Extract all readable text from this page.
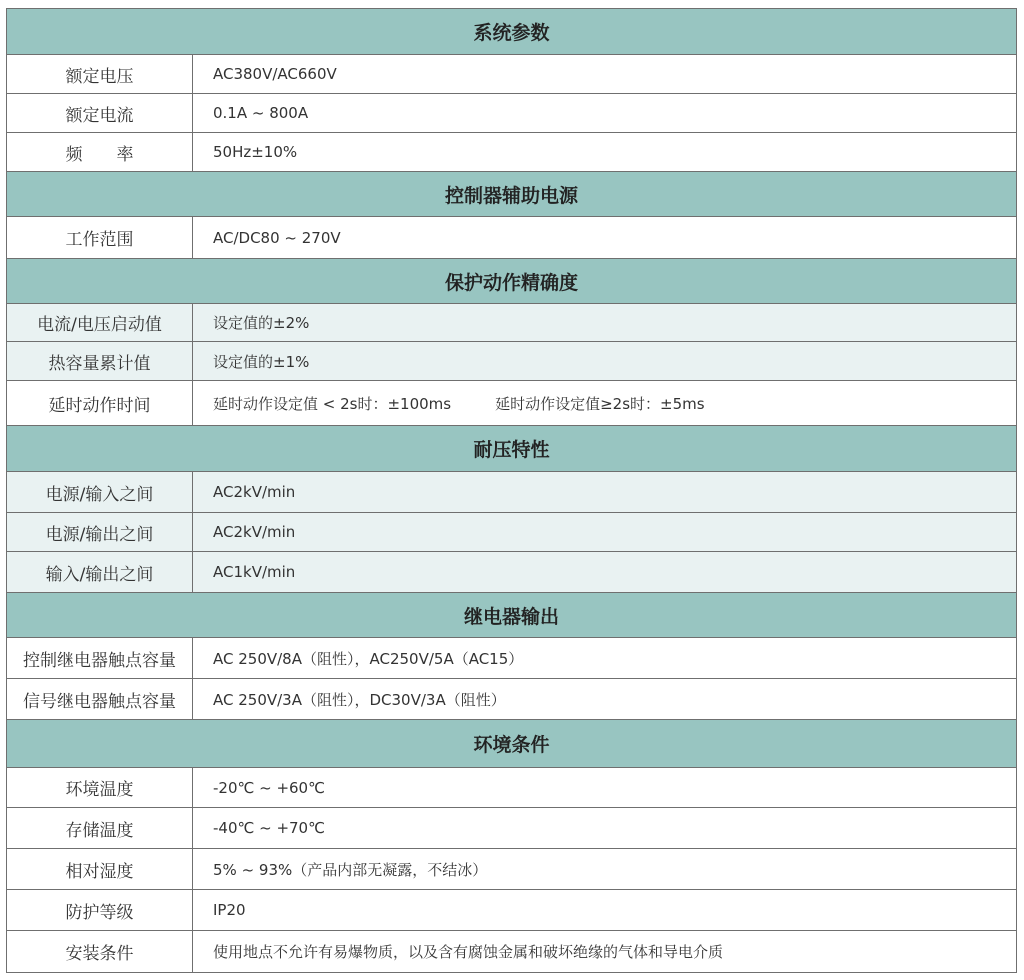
系统参数	
额定电压	AC380V/AC660V
额定电流	0.1A ~ 800A
频　　率	50Hz±10%
控制器辅助电源	
工作范围	AC/DC80 ~ 270V
保护动作精确度	
电流/电压启动值	设定值的±2%
热容量累计值	设定值的±1%
延时动作时间	延时动作设定值 < 2s时：±100ms 延时动作设定值≥2s时：±5ms
耐压特性	
电源/输入之间	AC2kV/min
电源/输出之间	AC2kV/min
输入/输出之间	AC1kV/min
继电器输出	
控制继电器触点容量	AC 250V/8A（阻性），AC250V/5A（AC15）
信号继电器触点容量	AC 250V/3A（阻性），DC30V/3A（阻性）
环境条件	
环境温度	-20℃ ~ +60℃
存储温度	-40℃ ~ +70℃
相对湿度	5% ~ 93%（产品内部无凝露，不结冰）
防护等级	IP20
安装条件	使用地点不允许有易爆物质，以及含有腐蚀金属和破坏绝缘的气体和导电介质
